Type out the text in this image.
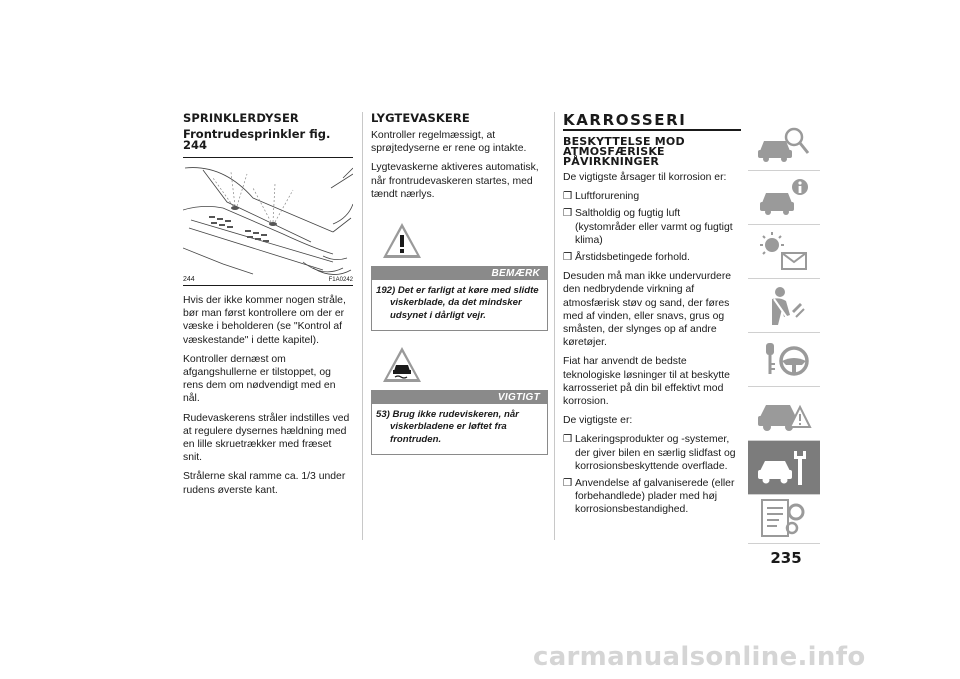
SPRINKLERDYSER
Frontrudesprinkler fig. 244
244	F1A0242

Hvis der ikke kommer nogen stråle, bør man først kontrollere om der er væske i beholderen (se "Kontrol af væskestande" i dette kapitel).

Kontroller dernæst om afgangshullerne er tilstoppet, og rens dem om nødvendigt med en nål.

Rudevaskerens stråler indstilles ved at regulere dysernes hældning med en lille skruetrækker med fræset snit.

Strålerne skal ramme ca. 1/3 under rudens øverste kant.

LYGTEVASKERE

Kontroller regelmæssigt, at sprøjtedyserne er rene og intakte.

Lygtevaskerne aktiveres automatisk, når frontrudevaskeren startes, med tændt nærlys.

BEMÆRK

192) Det er farligt at køre med slidte viskerblade, da det mindsker udsynet i dårligt vejr.

VIGTIGT

53) Brug ikke rudeviskeren, når viskerbladene er løftet fra frontruden.

KARROSSERI
BESKYTTELSE MOD ATMOSFÆRISKE PÅVIRKNINGER

De vigtigste årsager til korrosion er:

❒ Luftforurening
❒ Saltholdig og fugtig luft (kystområder eller varmt og fugtigt klima)
❒ Årstidsbetingede forhold.

Desuden må man ikke undervurdere den nedbrydende virkning af atmosfærisk støv og sand, der føres med af vinden, eller snavs, grus og småsten, der slynges op af andre køretøjer.

Fiat har anvendt de bedste teknologiske løsninger til at beskytte karrosseriet på din bil effektivt mod korrosion.

De vigtigste er:

❒ Lakeringsprodukter og -systemer, der giver bilen en særlig slidfast og korrosionsbeskyttende overflade.
❒ Anvendelse af galvaniserede (eller forbehandlede) plader med høj korrosionsbestandighed.
235
carmanualsonline.info
